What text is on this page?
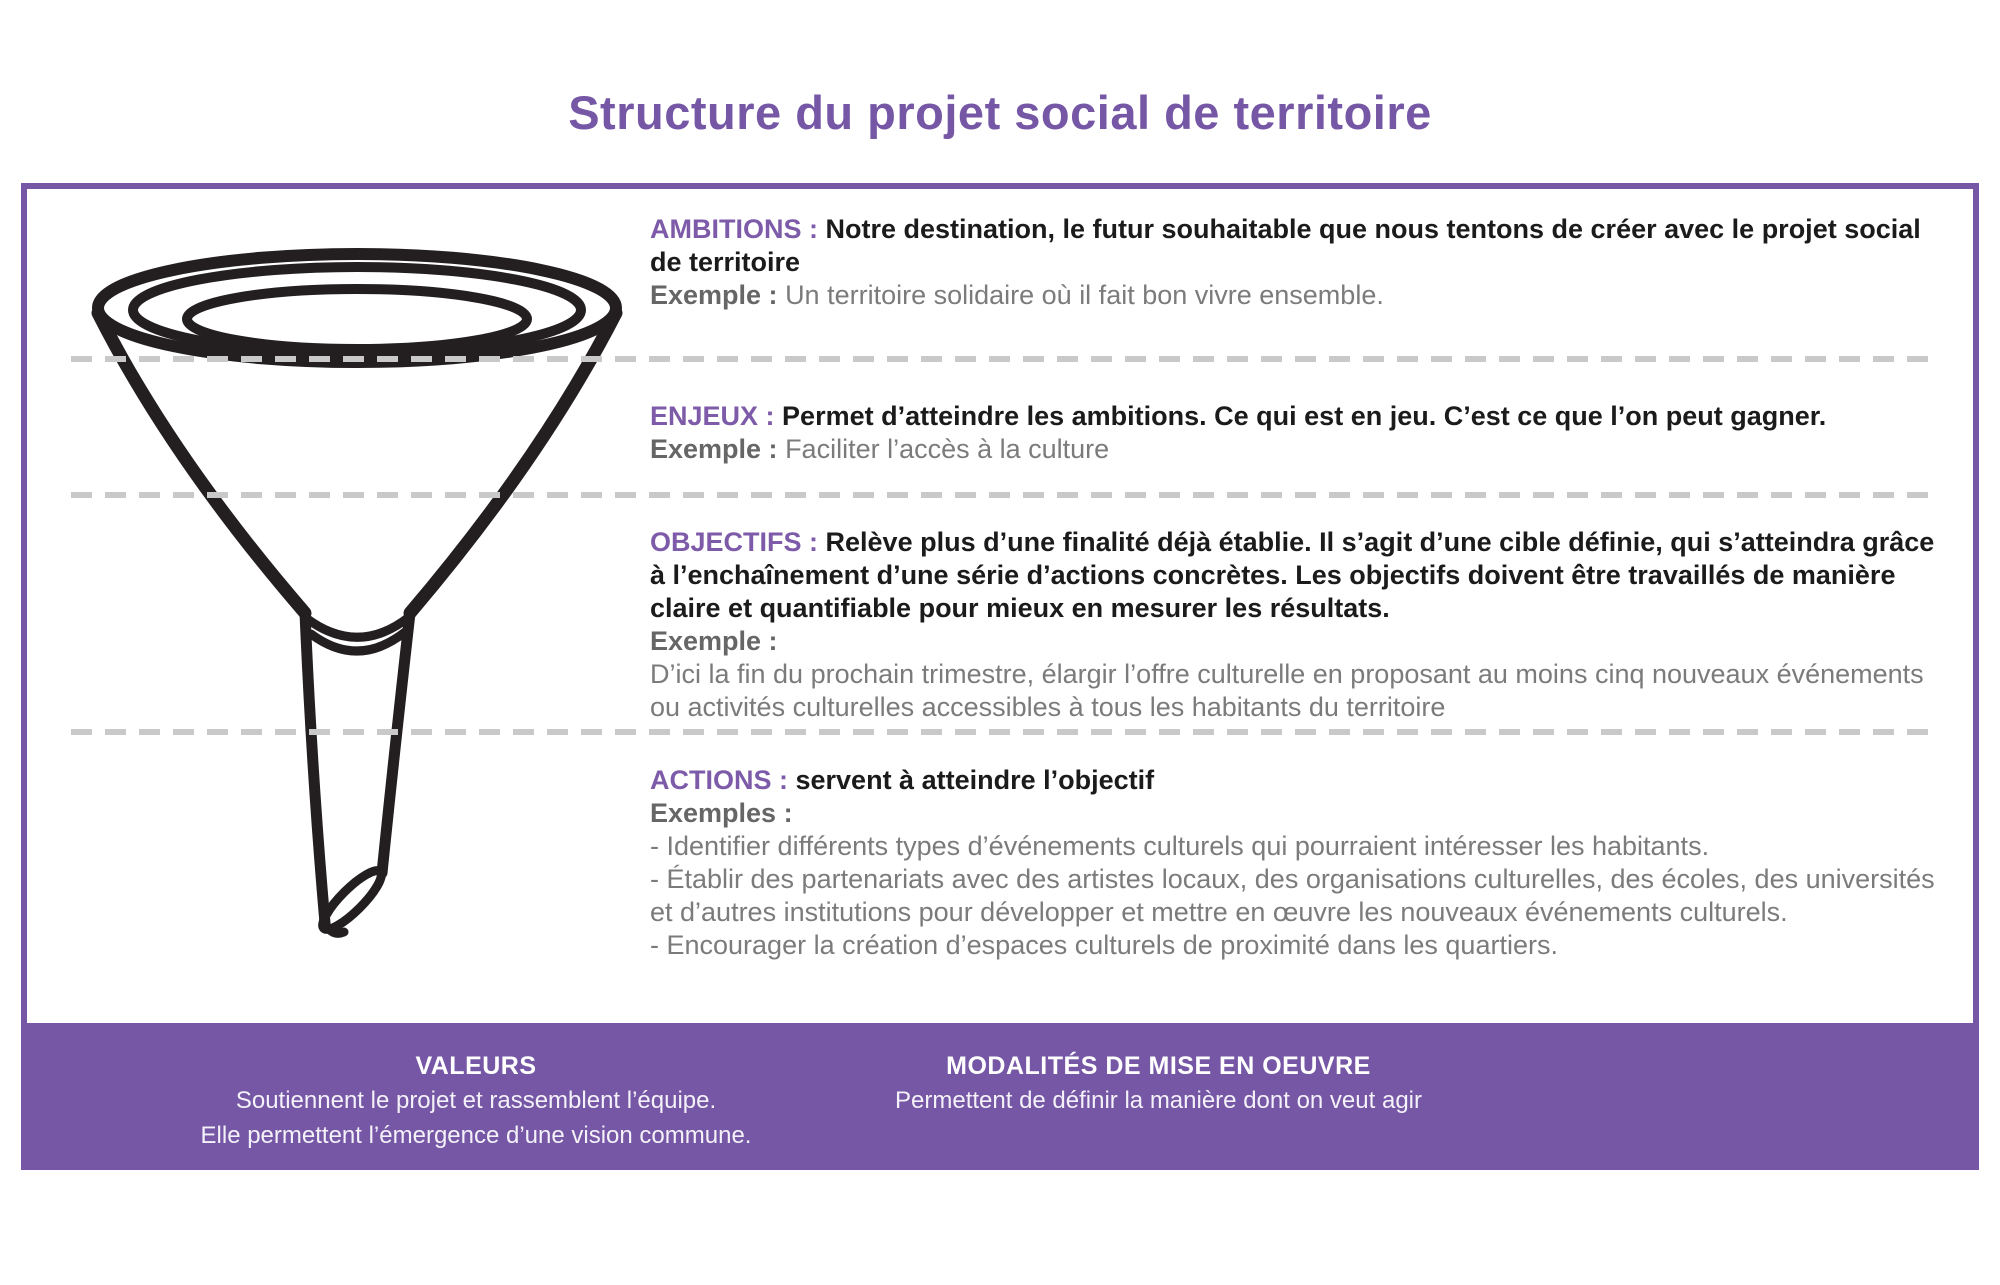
Structure du projet social de territoire
AMBITIONS : Notre destination, le futur souhaitable que nous tentons de créer avec le projet social de territoire
Exemple : Un territoire solidaire où il fait bon vivre ensemble.
ENJEUX : Permet d’atteindre les ambitions. Ce qui est en jeu. C’est ce que l’on peut gagner.
Exemple : Faciliter l’accès à la culture
OBJECTIFS : Relève plus d’une finalité déjà établie. Il s’agit d’une cible définie, qui s’atteindra grâce à l’enchaînement d’une série d’actions concrètes. Les objectifs doivent être travaillés de manière claire et quantifiable pour mieux en mesurer les résultats.
Exemple :
D’ici la fin du prochain trimestre, élargir l’offre culturelle en proposant au moins cinq nouveaux événements ou activités culturelles accessibles à tous les habitants du territoire
ACTIONS : servent à atteindre l’objectif
Exemples :
- Identifier différents types d’événements culturels qui pourraient intéresser les habitants.
- Établir des partenariats avec des artistes locaux, des organisations culturelles, des écoles, des universités et d’autres institutions pour développer et mettre en œuvre les nouveaux événements culturels.
- Encourager la création d’espaces culturels de proximité dans les quartiers.
VALEURS
Soutiennent le projet et rassemblent l’équipe.
Elle permettent l’émergence d’une vision commune.
MODALITÉS DE MISE EN OEUVRE
Permettent de définir la manière dont on veut agir
